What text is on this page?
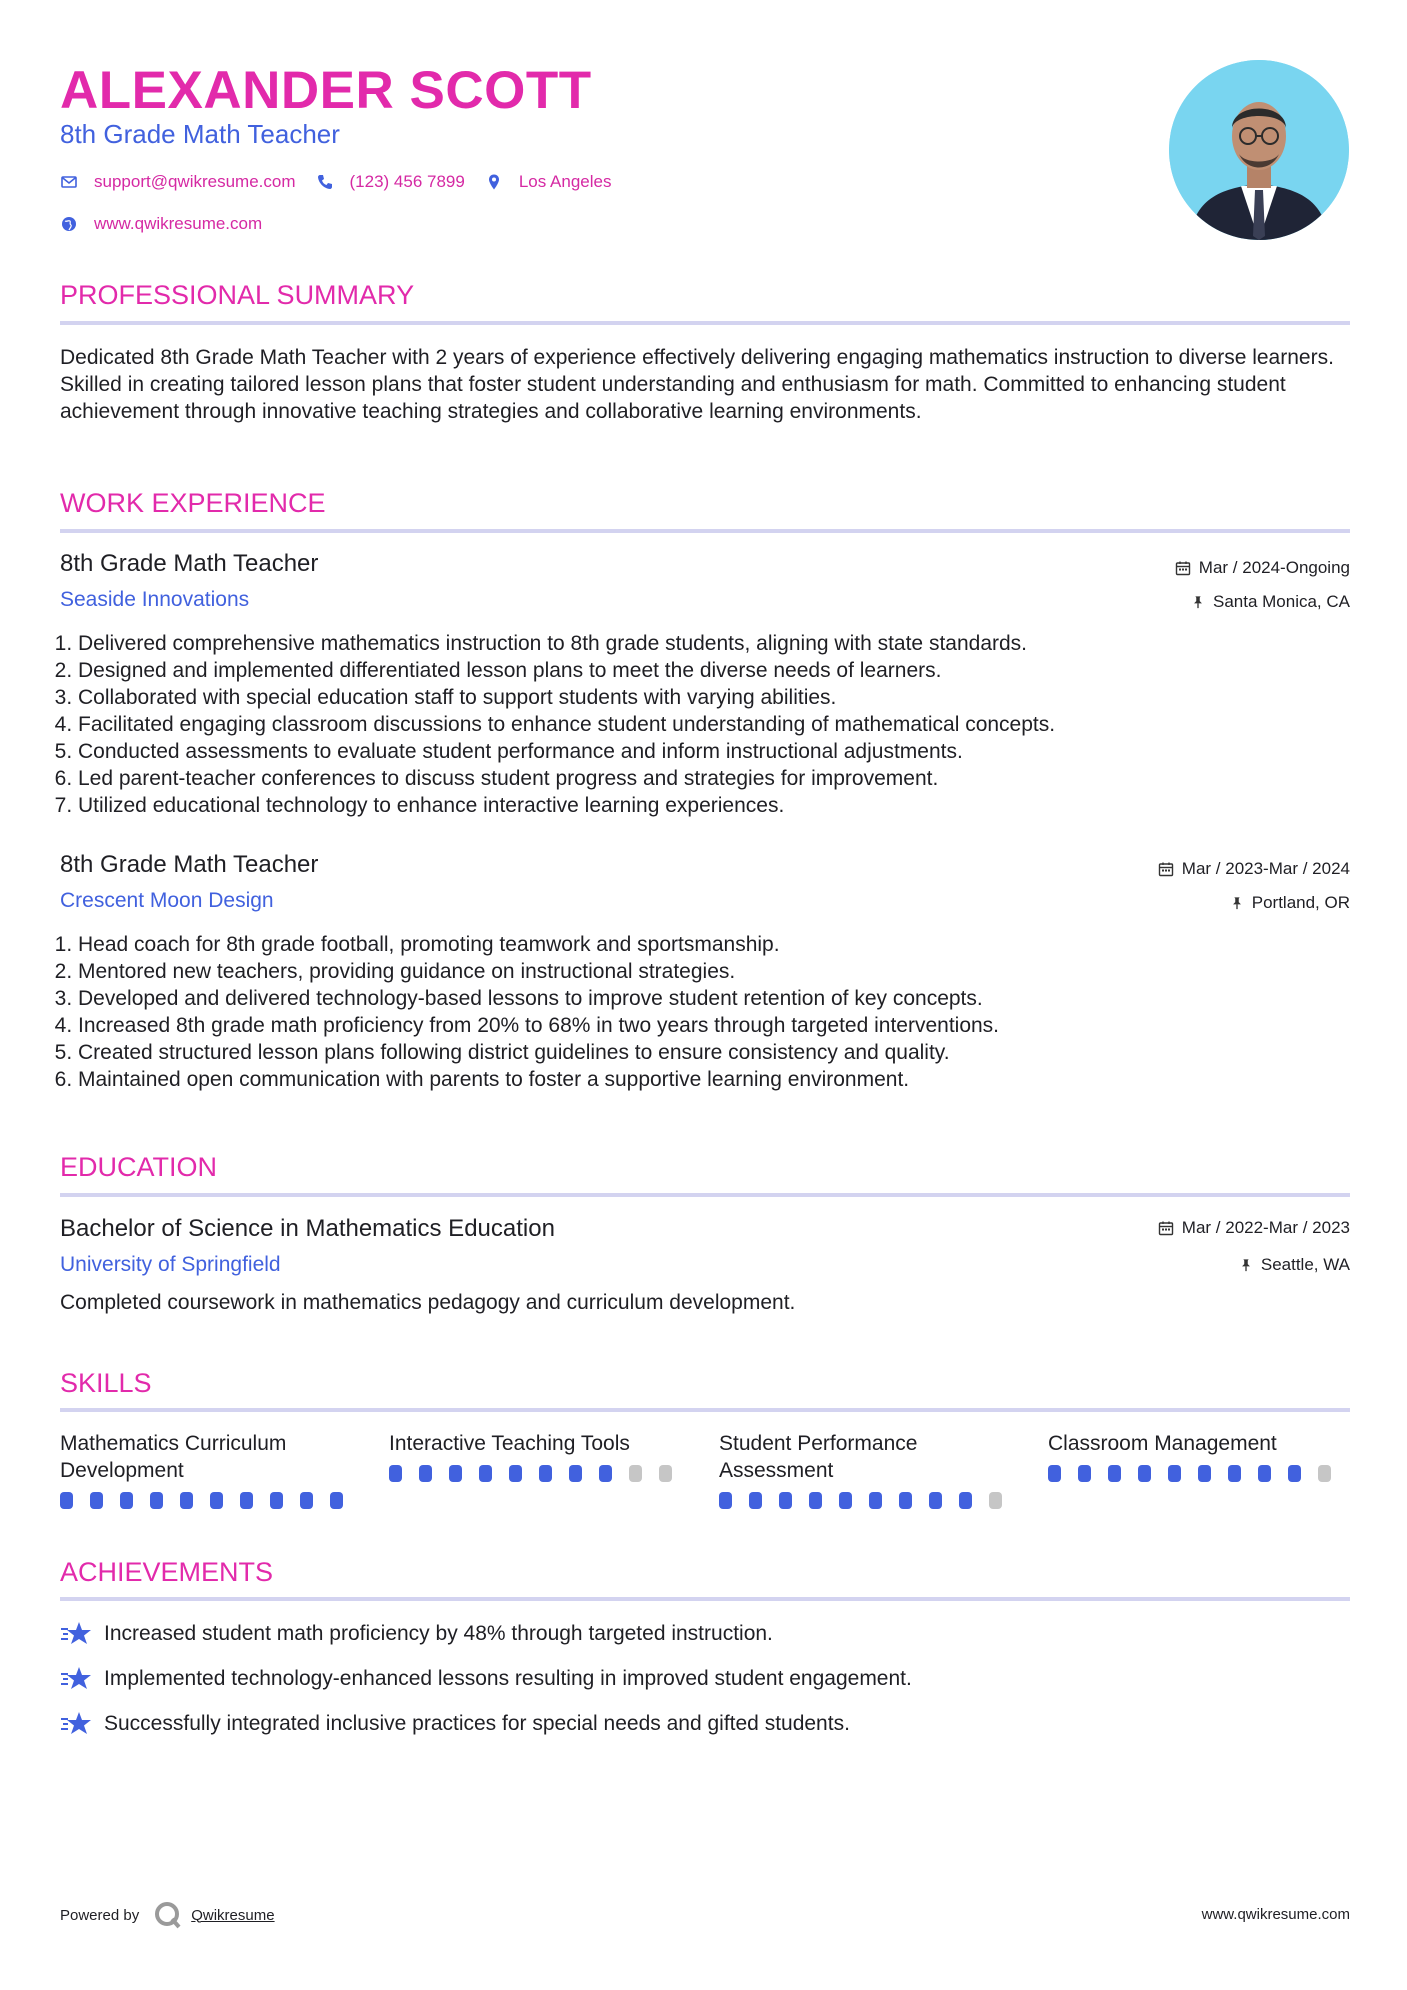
ALEXANDER SCOTT
8th Grade Math Teacher
support@qwikresume.com	(123) 456 7899	Los Angeles
www.qwikresume.com
PROFESSIONAL SUMMARY
Dedicated 8th Grade Math Teacher with 2 years of experience effectively delivering engaging mathematics instruction to diverse learners. Skilled in creating tailored lesson plans that foster student understanding and enthusiasm for math. Committed to enhancing student achievement through innovative teaching strategies and collaborative learning environments.
WORK EXPERIENCE
8th Grade Math Teacher	Mar / 2024-Ongoing
Seaside Innovations	Santa Monica, CA
1. Delivered comprehensive mathematics instruction to 8th grade students, aligning with state standards.
2. Designed and implemented differentiated lesson plans to meet the diverse needs of learners.
3. Collaborated with special education staff to support students with varying abilities.
4. Facilitated engaging classroom discussions to enhance student understanding of mathematical concepts.
5. Conducted assessments to evaluate student performance and inform instructional adjustments.
6. Led parent-teacher conferences to discuss student progress and strategies for improvement.
7. Utilized educational technology to enhance interactive learning experiences.
8th Grade Math Teacher	Mar / 2023-Mar / 2024
Crescent Moon Design	Portland, OR
1. Head coach for 8th grade football, promoting teamwork and sportsmanship.
2. Mentored new teachers, providing guidance on instructional strategies.
3. Developed and delivered technology-based lessons to improve student retention of key concepts.
4. Increased 8th grade math proficiency from 20% to 68% in two years through targeted interventions.
5. Created structured lesson plans following district guidelines to ensure consistency and quality.
6. Maintained open communication with parents to foster a supportive learning environment.
EDUCATION
Bachelor of Science in Mathematics Education	Mar / 2022-Mar / 2023
University of Springfield	Seattle, WA
Completed coursework in mathematics pedagogy and curriculum development.
SKILLS
Mathematics Curriculum Development
Interactive Teaching Tools	Student Performance Assessment
Classroom Management
ACHIEVEMENTS
Increased student math proficiency by 48% through targeted instruction.
Implemented technology-enhanced lessons resulting in improved student engagement.
Successfully integrated inclusive practices for special needs and gifted students.
Powered by	Qwikresume	www.qwikresume.com
